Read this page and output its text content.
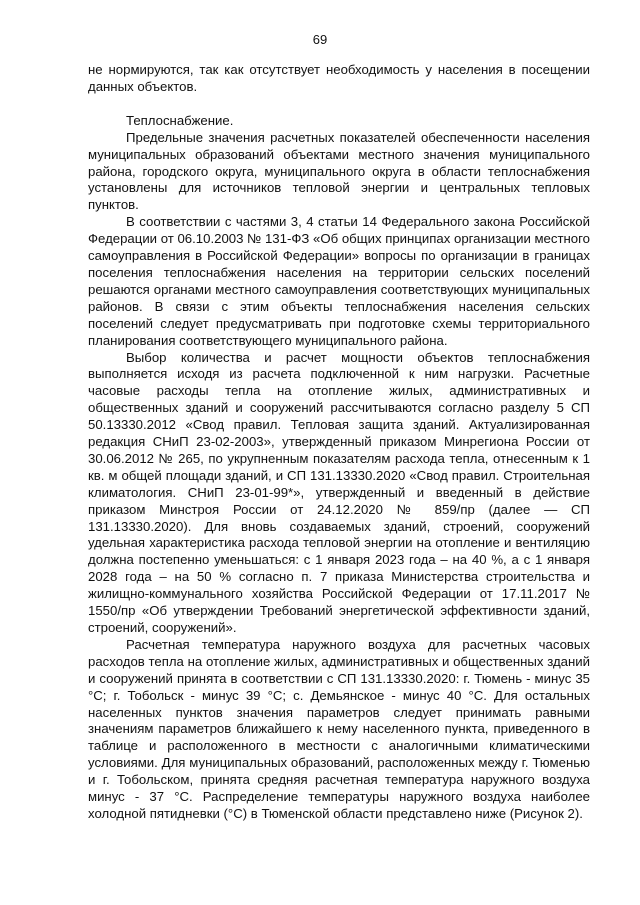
69

не нормируются, так как отсутствует необходимость у населения в посещении данных объектов.

Теплоснабжение.

Предельные значения расчетных показателей обеспеченности населения муниципальных образований объектами местного значения муниципального района, городского округа, муниципального округа в области теплоснабжения установлены для источников тепловой энергии и центральных тепловых пунктов.

В соответствии с частями 3, 4 статьи 14 Федерального закона Российской Федерации от 06.10.2003 № 131-ФЗ «Об общих принципах организации местного самоуправления в Российской Федерации» вопросы по организации в границах поселения теплоснабжения населения на территории сельских поселений решаются органами местного самоуправления соответствующих муниципальных районов. В связи с этим объекты теплоснабжения населения сельских поселений следует предусматривать при подготовке схемы территориального планирования соответствующего муниципального района.

Выбор количества и расчет мощности объектов теплоснабжения выполняется исходя из расчета подключенной к ним нагрузки. Расчетные часовые расходы тепла на отопление жилых, административных и общественных зданий и сооружений рассчитываются согласно разделу 5 СП 50.13330.2012 «Свод правил. Тепловая защита зданий. Актуализированная редакция СНиП 23-02-2003», утвержденный приказом Минрегиона России от 30.06.2012 № 265, по укрупненным показателям расхода тепла, отнесенным к 1 кв. м общей площади зданий, и СП 131.13330.2020 «Свод правил. Строительная климатология. СНиП 23-01-99*», утвержденный и введенный в действие приказом Минстроя России от 24.12.2020 № 859/пр (далее — СП 131.13330.2020). Для вновь создаваемых зданий, строений, сооружений удельная характеристика расхода тепловой энергии на отопление и вентиляцию должна постепенно уменьшаться: с 1 января 2023 года – на 40 %, а с 1 января 2028 года – на 50 % согласно п. 7 приказа Министерства строительства и жилищно-коммунального хозяйства Российской Федерации от 17.11.2017 № 1550/пр «Об утверждении Требований энергетической эффективности зданий, строений, сооружений».

Расчетная температура наружного воздуха для расчетных часовых расходов тепла на отопление жилых, административных и общественных зданий и сооружений принята в соответствии с СП 131.13330.2020: г. Тюмень - минус 35 °С; г. Тобольск - минус 39 °С; с. Демьянское - минус 40 °С. Для остальных населенных пунктов значения параметров следует принимать равными значениям параметров ближайшего к нему населенного пункта, приведенного в таблице и расположенного в местности с аналогичными климатическими условиями. Для муниципальных образований, расположенных между г. Тюменью и г. Тобольском, принята средняя расчетная температура наружного воздуха минус - 37 °С. Распределение температуры наружного воздуха наиболее холодной пятидневки (°С) в Тюменской области представлено ниже (Рисунок 2).
